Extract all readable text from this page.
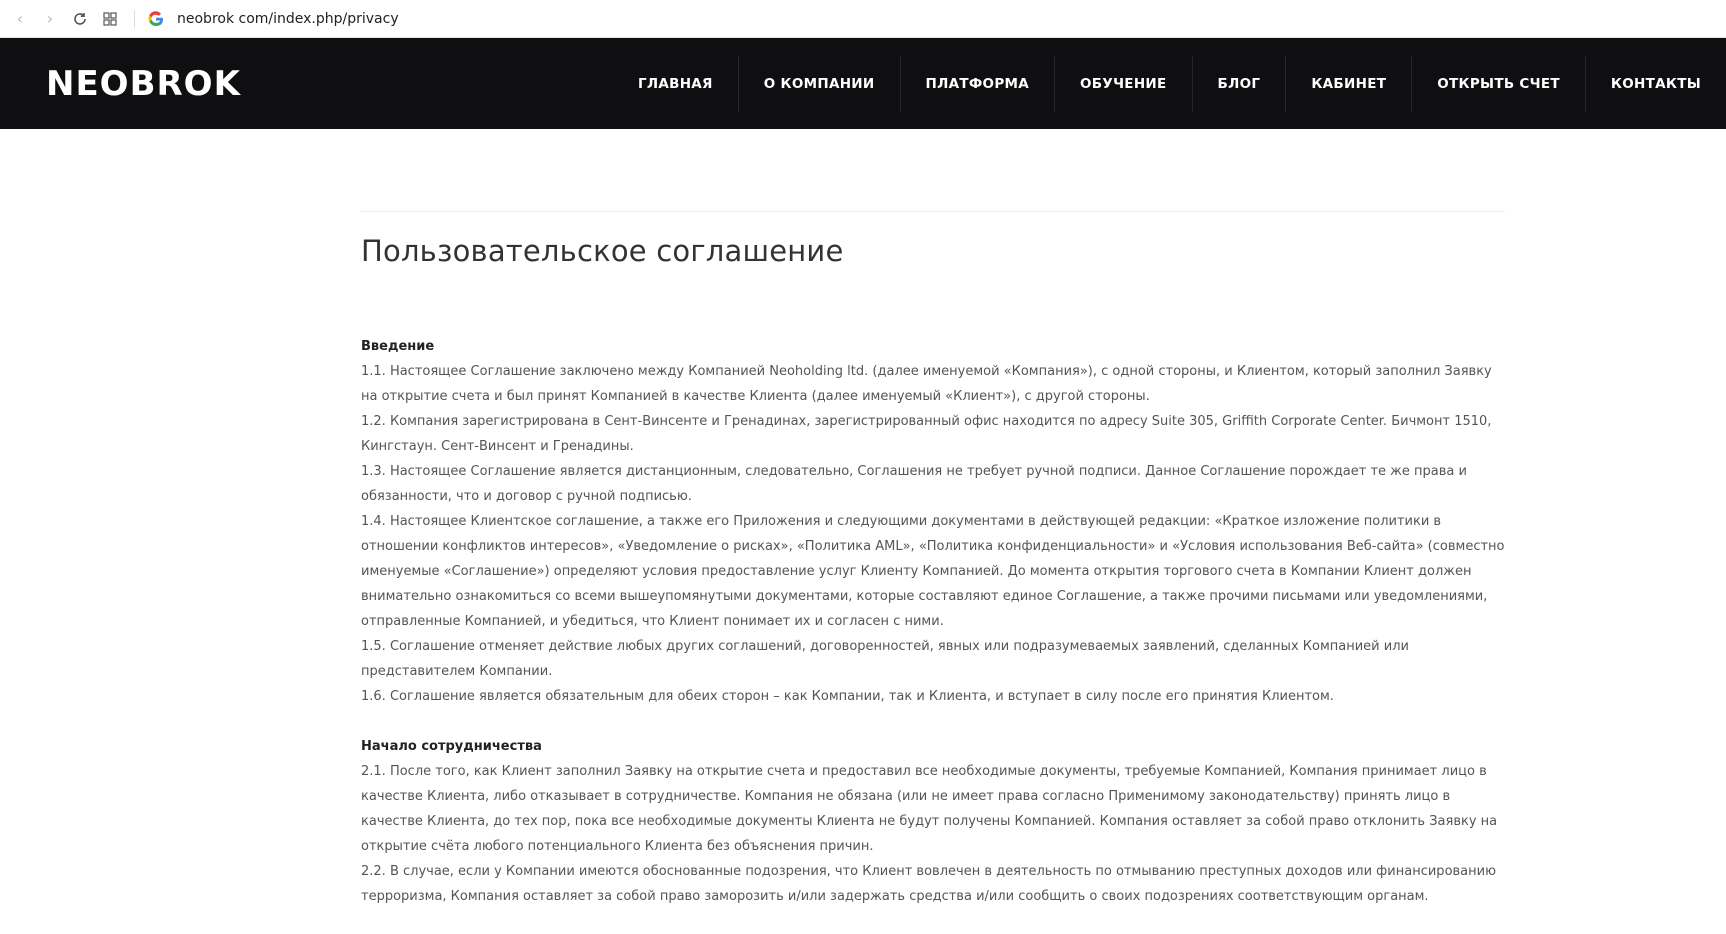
‹	›	neobrok com/index.php/privacy
NEOBROK	ГЛАВНАЯ	О КОМПАНИИ	ПЛАТФОРМА	ОБУЧЕНИЕ	БЛОГ	КАБИНЕТ	ОТКРЫТЬ СЧЕТ	КОНТАКТЫ
Пользовательское соглашение

Введение

1.1. Настоящее Соглашение заключено между Компанией Neoholding ltd. (далее именуемой «Компания»), с одной стороны, и Клиентом, который заполнил Заявку на открытие счета и был принят Компанией в качестве Клиента (далее именуемый «Клиент»), с другой стороны.

1.2. Компания зарегистрирована в Сент-Винсенте и Гренадинах, зарегистрированный офис находится по адресу Suite 305, Griffith Corporate Center. Бичмонт 1510, Кингстаун. Сент-Винсент и Гренадины.

1.3. Настоящее Соглашение является дистанционным, следовательно, Соглашения не требует ручной подписи. Данное Соглашение порождает те же права и обязанности, что и договор с ручной подписью.

1.4. Настоящее Клиентское соглашение, а также его Приложения и следующими документами в действующей редакции: «Краткое изложение политики в отношении конфликтов интересов», «Уведомление о рисках», «Политика AML», «Политика конфиденциальности» и «Условия использования Веб-сайта» (совместно именуемые «Соглашение») определяют условия предоставление услуг Клиенту Компанией. До момента открытия торгового счета в Компании Клиент должен внимательно ознакомиться со всеми вышеупомянутыми документами, которые составляют единое Соглашение, а также прочими письмами или уведомлениями, отправленные Компанией, и убедиться, что Клиент понимает их и согласен с ними.

1.5. Соглашение отменяет действие любых других соглашений, договоренностей, явных или подразумеваемых заявлений, сделанных Компанией или представителем Компании.

1.6. Соглашение является обязательным для обеих сторон – как Компании, так и Клиента, и вступает в силу после его принятия Клиентом.

Начало сотрудничества

2.1. После того, как Клиент заполнил Заявку на открытие счета и предоставил все необходимые документы, требуемые Компанией, Компания принимает лицо в качестве Клиента, либо отказывает в сотрудничестве. Компания не обязана (или не имеет права согласно Применимому законодательству) принять лицо в качестве Клиента, до тех пор, пока все необходимые документы Клиента не будут получены Компанией. Компания оставляет за собой право отклонить Заявку на открытие счёта любого потенциального Клиента без объяснения причин.

2.2. В случае, если у Компании имеются обоснованные подозрения, что Клиент вовлечен в деятельность по отмыванию преступных доходов или финансированию терроризма, Компания оставляет за собой право заморозить и/или задержать средства и/или сообщить о своих подозрениях соответствующим органам.
